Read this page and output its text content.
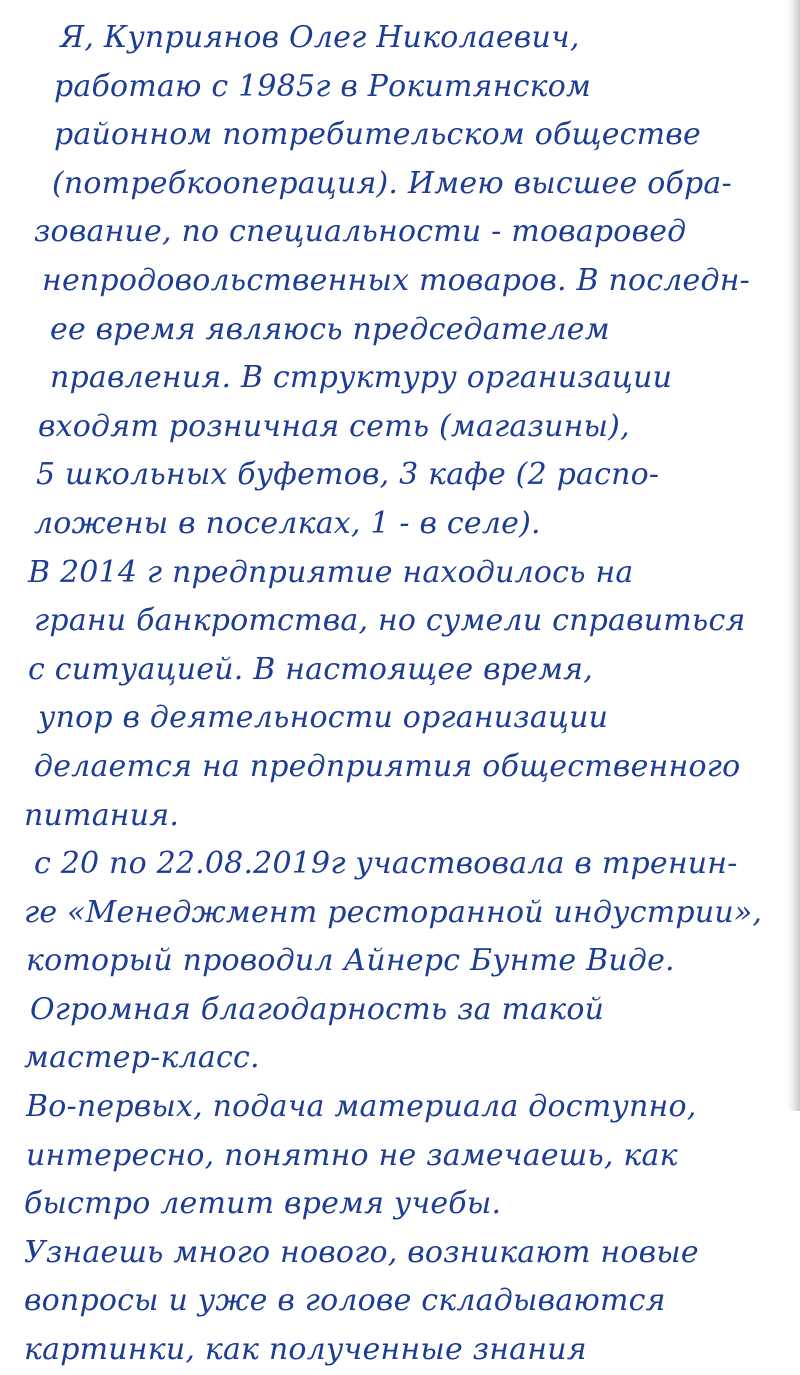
Я, Куприянов Олег Николаевич,
работаю с 1985г в Рокитянском
районном потребительском обществе
(потребкооперация). Имею высшее обра-
зование, по специальности - товаровед
непродовольственных товаров. В последн-
ее время являюсь председателем
правления. В структуру организации
входят розничная сеть (магазины),
5 школьных буфетов, 3 кафе (2 распо-
ложены в поселках, 1 - в селе).
В 2014 г предприятие находилось на
грани банкротства, но сумели справиться
с ситуацией. В настоящее время,
упор в деятельности организации
делается на предприятия общественного
питания.
с 20 по 22.08.2019г участвовала в тренин-
ге «Менеджмент ресторанной индустрии»,
который проводил Айнерс Бунте Виде.
Огромная благодарность за такой
мастер-класс.
Во-первых, подача материала доступно,
интересно, понятно не замечаешь, как
быстро летит время учебы.
Узнаешь много нового, возникают новые
вопросы и уже в голове складываются
картинки, как полученные знания
